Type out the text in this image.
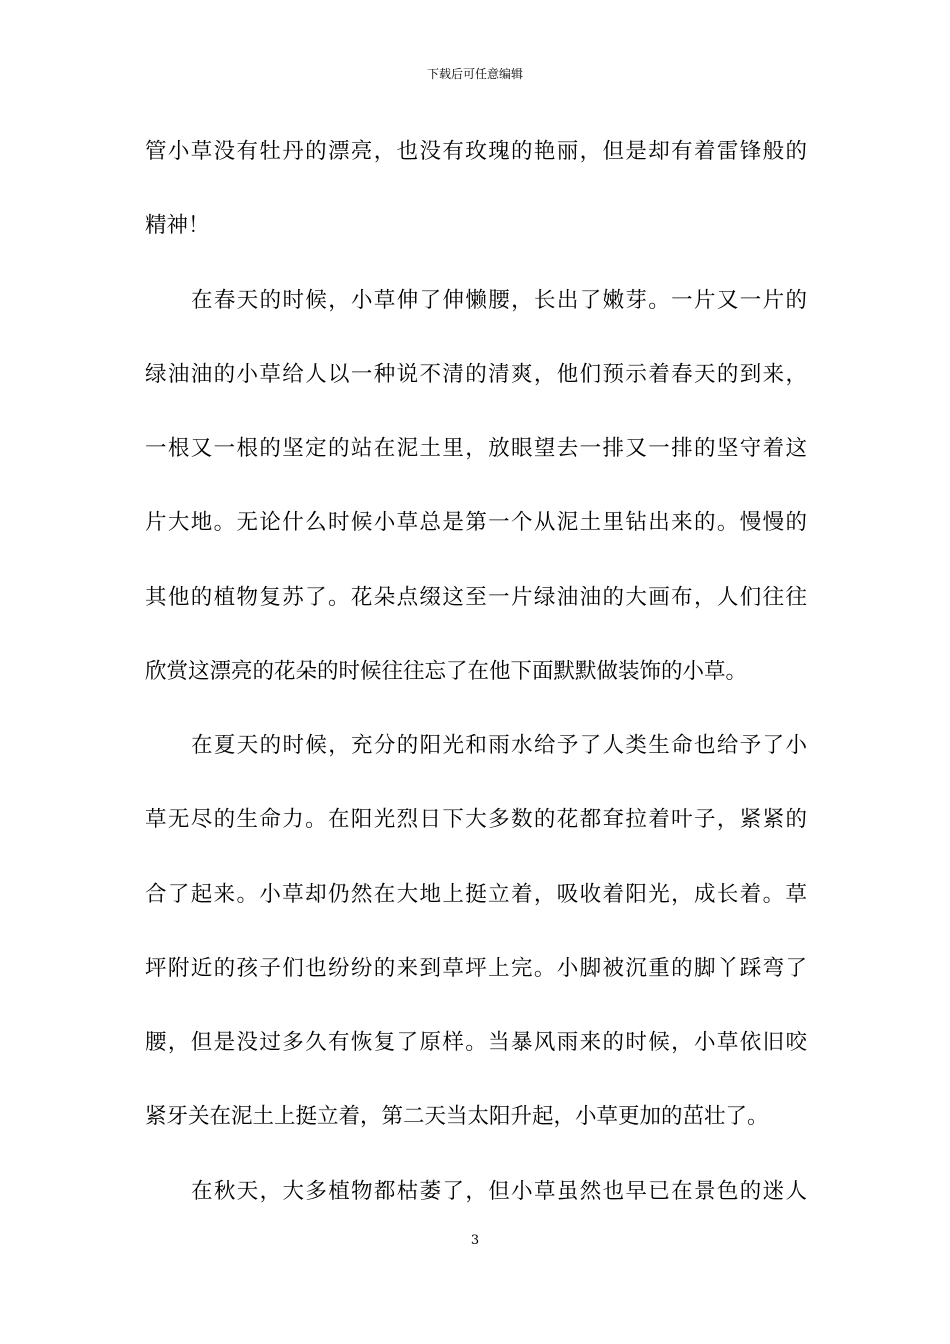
下载后可任意编辑
管小草没有牡丹的漂亮，也没有玫瑰的艳丽，但是却有着雷锋般的
精神！
在春天的时候，小草伸了伸懒腰，长出了嫩芽。一片又一片的
绿油油的小草给人以一种说不清的清爽，他们预示着春天的到来，
一根又一根的坚定的站在泥土里，放眼望去一排又一排的坚守着这
片大地。无论什么时候小草总是第一个从泥土里钻出来的。慢慢的
其他的植物复苏了。花朵点缀这至一片绿油油的大画布，人们往往
欣赏这漂亮的花朵的时候往往忘了在他下面默默做装饰的小草。
在夏天的时候，充分的阳光和雨水给予了人类生命也给予了小
草无尽的生命力。在阳光烈日下大多数的花都耷拉着叶子，紧紧的
合了起来。小草却仍然在大地上挺立着，吸收着阳光，成长着。草
坪附近的孩子们也纷纷的来到草坪上完。小脚被沉重的脚丫踩弯了
腰，但是没过多久有恢复了原样。当暴风雨来的时候，小草依旧咬
紧牙关在泥土上挺立着，第二天当太阳升起，小草更加的茁壮了。
在秋天，大多植物都枯萎了，但小草虽然也早已在景色的迷人
3
